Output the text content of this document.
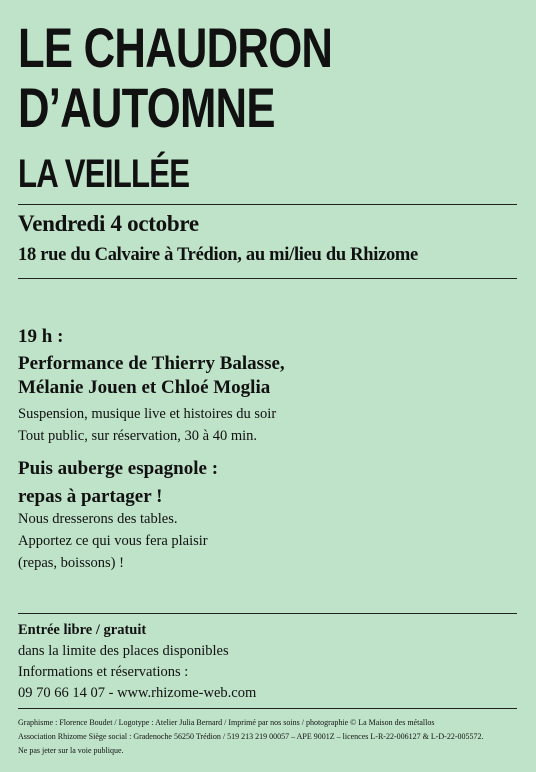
LE CHAUDRON
D’AUTOMNE
LA VEILLÉE
Vendredi 4 octobre
18 rue du Calvaire à Trédion, au mi/lieu du Rhizome
19 h :
Performance de Thierry Balasse,
Mélanie Jouen et Chloé Moglia
Suspension, musique live et histoires du soir
Tout public, sur réservation, 30 à 40 min.
Puis auberge espagnole :
repas à partager !
Nous dresserons des tables.
Apportez ce qui vous fera plaisir
(repas, boissons) !
Entrée libre / gratuit
dans la limite des places disponibles
Informations et réservations :
09 70 66 14 07 - www.rhizome-web.com
Graphisme : Florence Boudet / Logotype : Atelier Julia Bernard / Imprimé par nos soins / photographie © La Maison des métallos
Association Rhizome Siège social : Gradenoche 56250 Trédion / 519 213 219 00057 – APE 9001Z – licences L-R-22-006127 & L-D-22-005572.
Ne pas jeter sur la voie publique.
